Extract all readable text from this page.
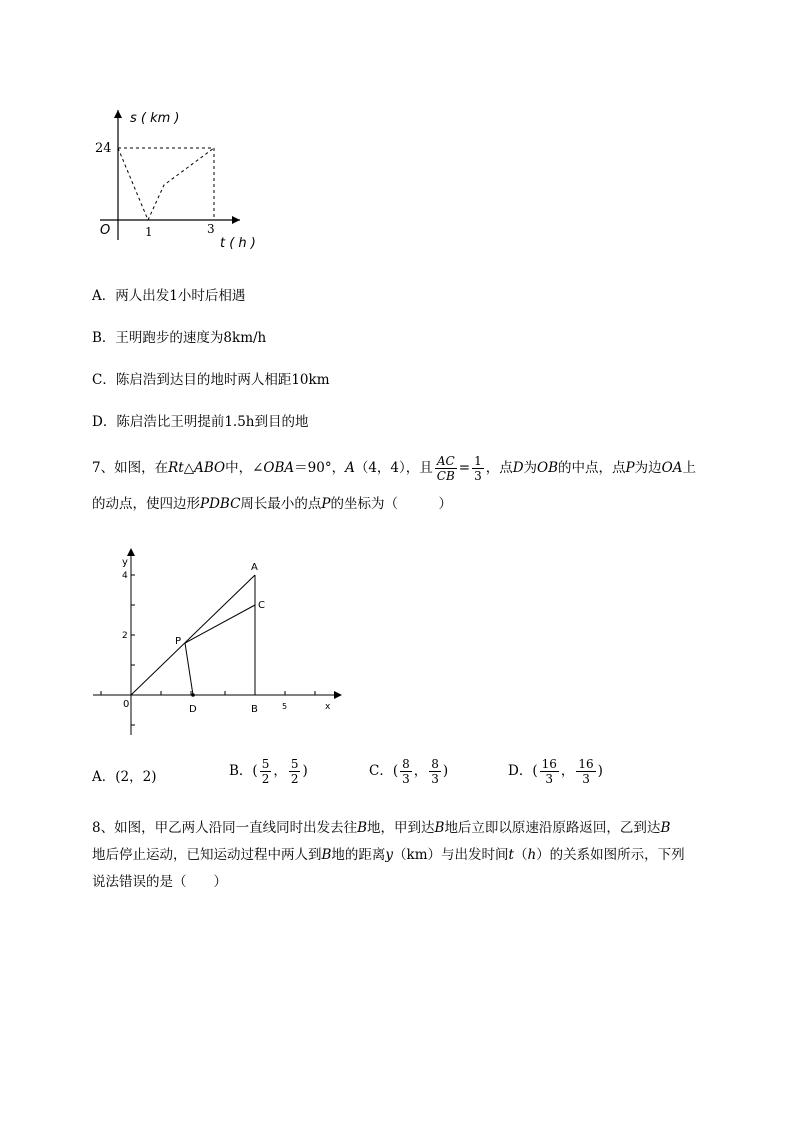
s ( km )
24
O	1	3
t ( h )
A．两人出发1小时后相遇
B．王明跑步的速度为8km/h
C．陈启浩到达目的地时两人相距10km
D．陈启浩比王明提前1.5h到目的地
7、如图，在Rt△ABO中，∠OBA＝90°，A（4，4），且 $\frac{AC}{CB} = \frac{1}{3}$ ，点D为OB的中点，点P为边OA上
的动点，使四边形PDBC周长最小的点P的坐标为（　　　）
y
4
2
0
A
C
P
D	B	5	x
A．(2，2)	B．( $\frac{5}{2}$ ， $\frac{5}{2}$ )	C．( $\frac{8}{3}$ ， $\frac{8}{3}$ )	D．( $\frac{16}{3}$ ， $\frac{16}{3}$ )
8、如图，甲乙两人沿同一直线同时出发去往B地，甲到达B地后立即以原速沿原路返回，乙到达B
地后停止运动，已知运动过程中两人到B地的距离y（km）与出发时间t（h）的关系如图所示，下列
说法错误的是（　　）
